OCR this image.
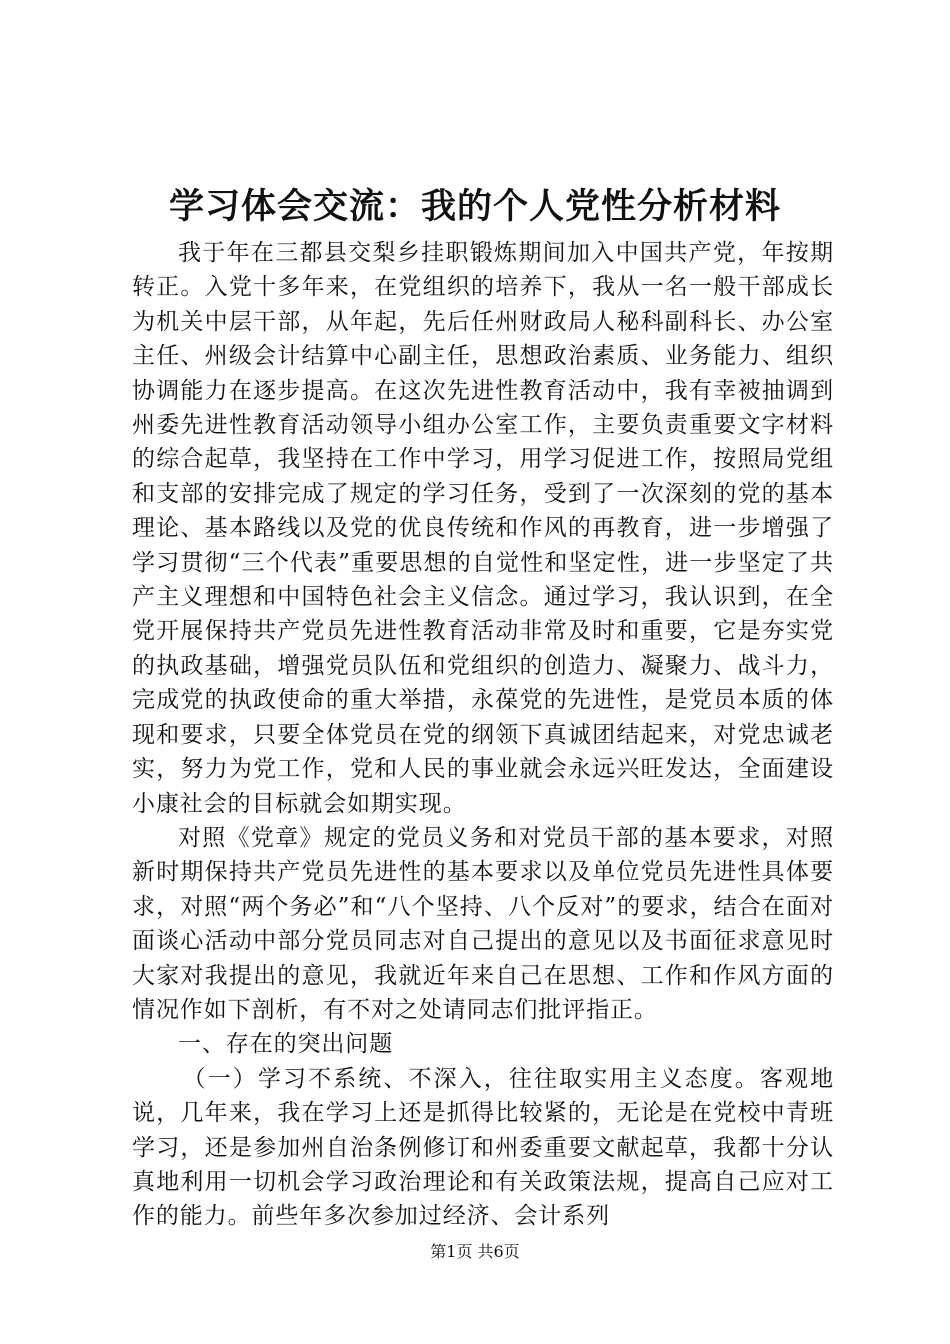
学习体会交流：我的个人党性分析材料

我于年在三都县交梨乡挂职锻炼期间加入中国共产党，年按期转正。入党十多年来，在党组织的培养下，我从一名一般干部成长为机关中层干部，从年起，先后任州财政局人秘科副科长、办公室主任、州级会计结算中心副主任，思想政治素质、业务能力、组织协调能力在逐步提高。在这次先进性教育活动中，我有幸被抽调到州委先进性教育活动领导小组办公室工作，主要负责重要文字材料的综合起草，我坚持在工作中学习，用学习促进工作，按照局党组和支部的安排完成了规定的学习任务，受到了一次深刻的党的基本理论、基本路线以及党的优良传统和作风的再教育，进一步增强了学习贯彻“三个代表”重要思想的自觉性和坚定性，进一步坚定了共产主义理想和中国特色社会主义信念。通过学习，我认识到，在全党开展保持共产党员先进性教育活动非常及时和重要，它是夯实党的执政基础，增强党员队伍和党组织的创造力、凝聚力、战斗力，完成党的执政使命的重大举措，永葆党的先进性，是党员本质的体现和要求，只要全体党员在党的纲领下真诚团结起来，对党忠诚老实，努力为党工作，党和人民的事业就会永远兴旺发达，全面建设小康社会的目标就会如期实现。

对照《党章》规定的党员义务和对党员干部的基本要求，对照新时期保持共产党员先进性的基本要求以及单位党员先进性具体要求，对照“两个务必”和“八个坚持、八个反对”的要求，结合在面对面谈心活动中部分党员同志对自己提出的意见以及书面征求意见时大家对我提出的意见，我就近年来自己在思想、工作和作风方面的情况作如下剖析，有不对之处请同志们批评指正。

一、存在的突出问题

（一）学习不系统、不深入，往往取实用主义态度。客观地说，几年来，我在学习上还是抓得比较紧的，无论是在党校中青班学习，还是参加州自治条例修订和州委重要文献起草，我都十分认真地利用一切机会学习政治理论和有关政策法规，提高自己应对工作的能力。前些年多次参加过经济、会计系列

第1页 共6页
